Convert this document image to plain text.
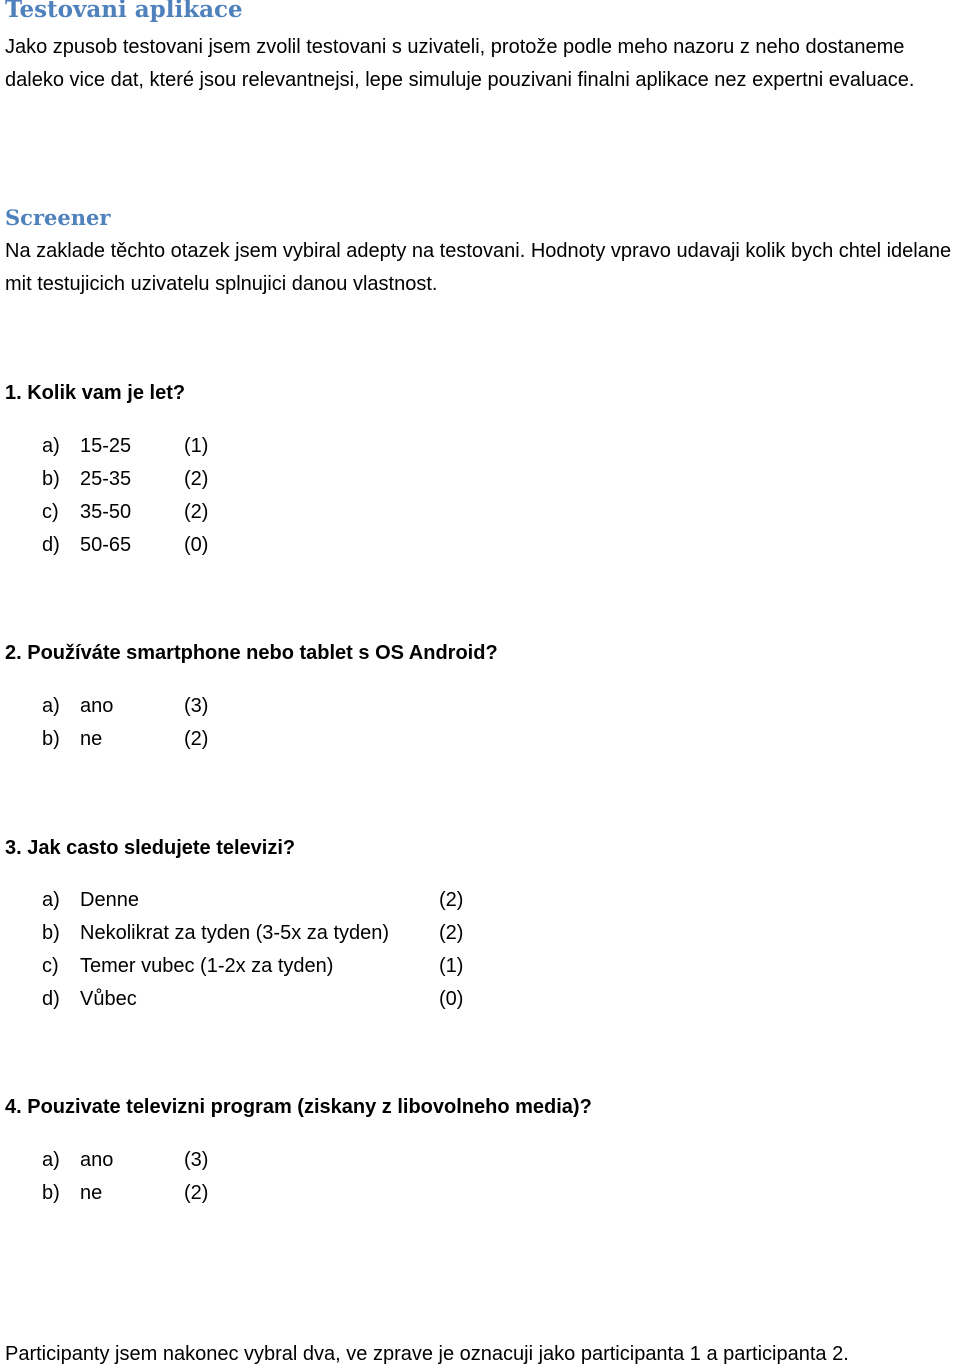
Testovani aplikace

Jako zpusob testovani jsem zvolil testovani s uzivateli, protože podle meho nazoru z neho dostaneme daleko vice dat, které jsou relevantnejsi, lepe simuluje pouzivani finalni aplikace nez expertni evaluace.

Screener

Na zaklade těchto otazek jsem vybiral adepty na testovani. Hodnoty vpravo udavaji kolik bych chtel idelane mit testujicich uzivatelu splnujici danou vlastnost.

1. Kolik vam je let?

a) 15-25	(1)
b) 25-35	(2)
c) 35-50	(2)
d) 50-65	(0)

2. Používáte smartphone nebo tablet s OS Android?

a) ano	(3)
b) ne	(2)

3. Jak casto sledujete televizi?

a) Denne	(2)
b) Nekolikrat za tyden (3-5x za tyden) (2)
c) Temer vubec (1-2x za tyden)	(1)
d) Vůbec	(0)

4. Pouzivate televizni program (ziskany z libovolneho media)?

a) ano	(3)
b) ne	(2)

Participanty jsem nakonec vybral dva, ve zprave je oznacuji jako participanta 1 a participanta 2.
